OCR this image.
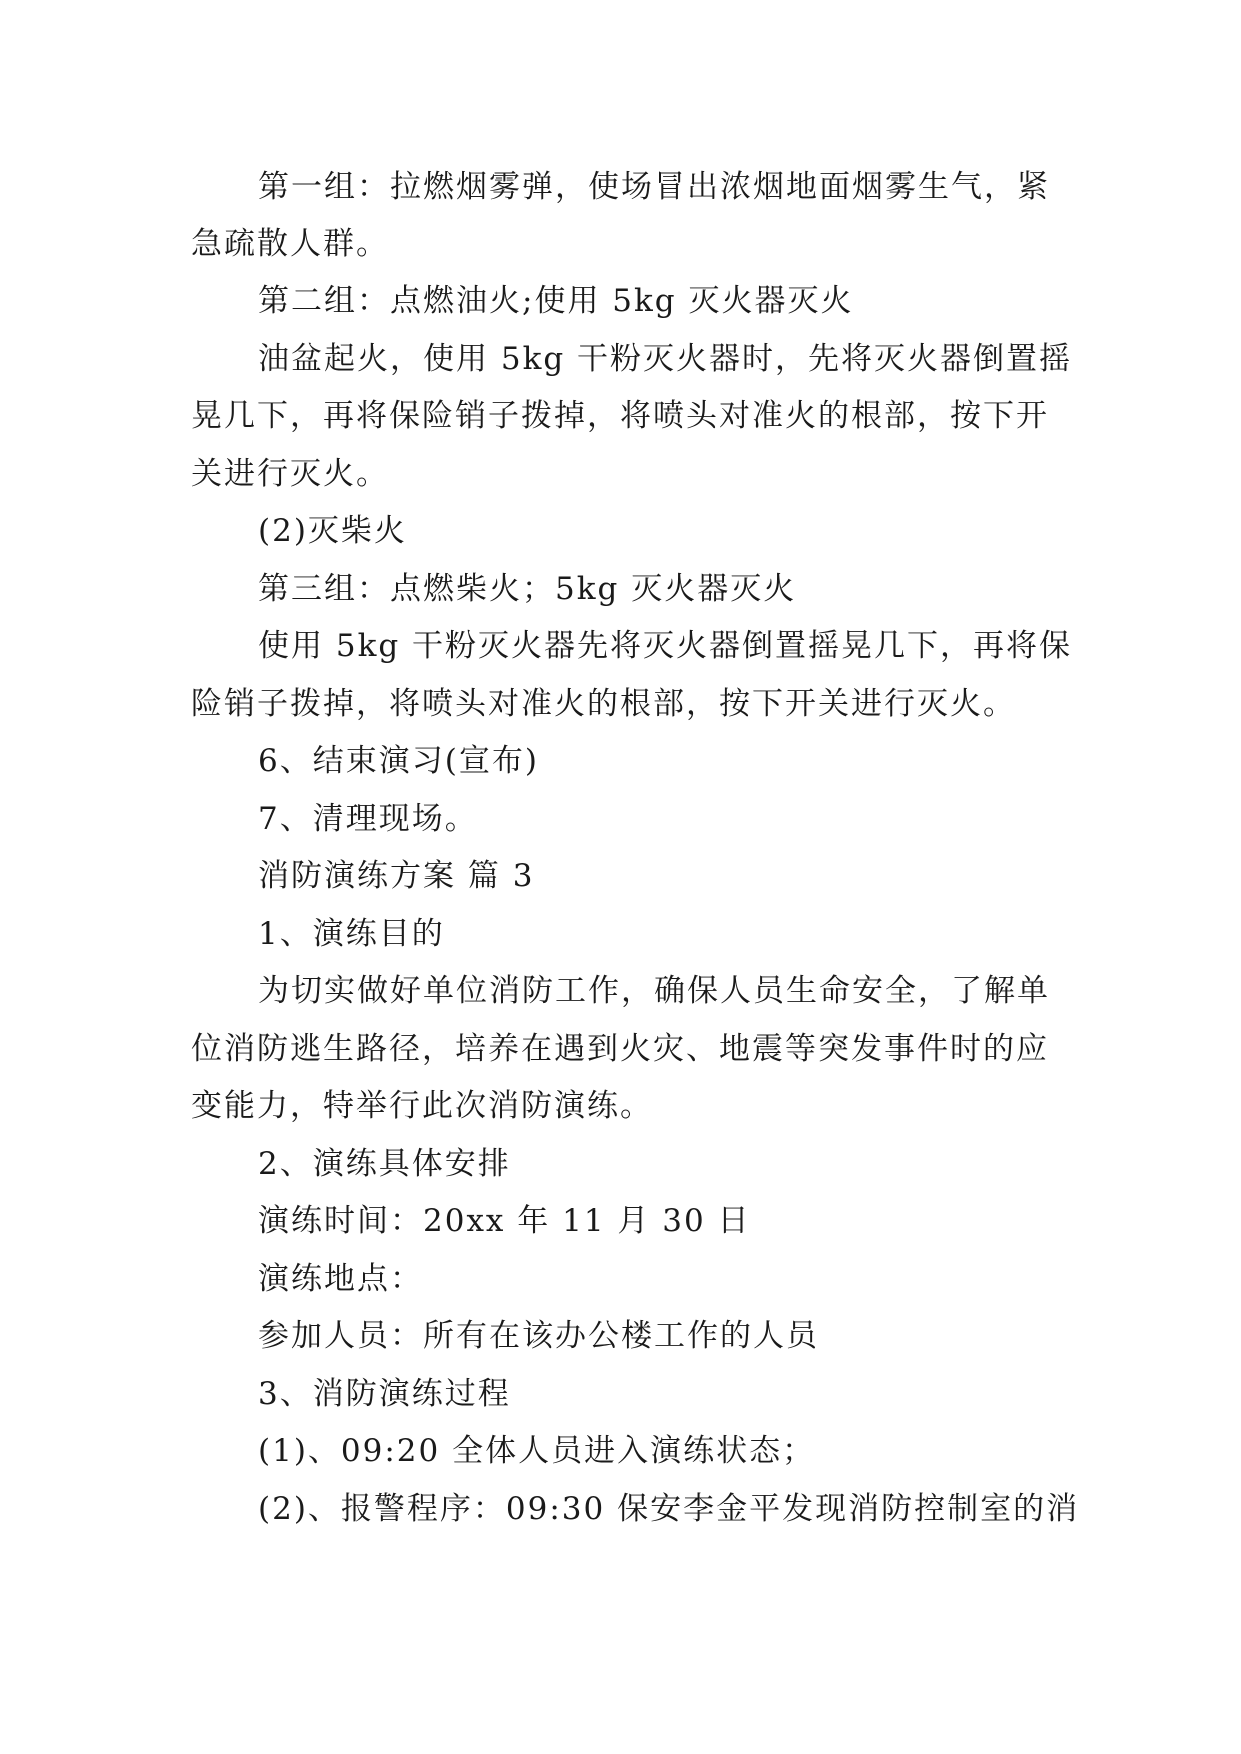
第一组：拉燃烟雾弹，使场冒出浓烟地面烟雾生气，紧
急疏散人群。
第二组：点燃油火;使用 5kg 灭火器灭火
油盆起火，使用 5kg 干粉灭火器时，先将灭火器倒置摇
晃几下，再将保险销子拨掉，将喷头对准火的根部，按下开
关进行灭火。
(2)灭柴火
第三组：点燃柴火；5kg 灭火器灭火
使用 5kg 干粉灭火器先将灭火器倒置摇晃几下，再将保
险销子拨掉，将喷头对准火的根部，按下开关进行灭火。
6、结束演习(宣布)
7、清理现场。
消防演练方案 篇 3
1、演练目的
为切实做好单位消防工作，确保人员生命安全，了解单
位消防逃生路径，培养在遇到火灾、地震等突发事件时的应
变能力，特举行此次消防演练。
2、演练具体安排
演练时间：20xx 年 11 月 30 日
演练地点：
参加人员：所有在该办公楼工作的人员
3、消防演练过程
(1)、09:20 全体人员进入演练状态；
(2)、报警程序：09:30 保安李金平发现消防控制室的消
